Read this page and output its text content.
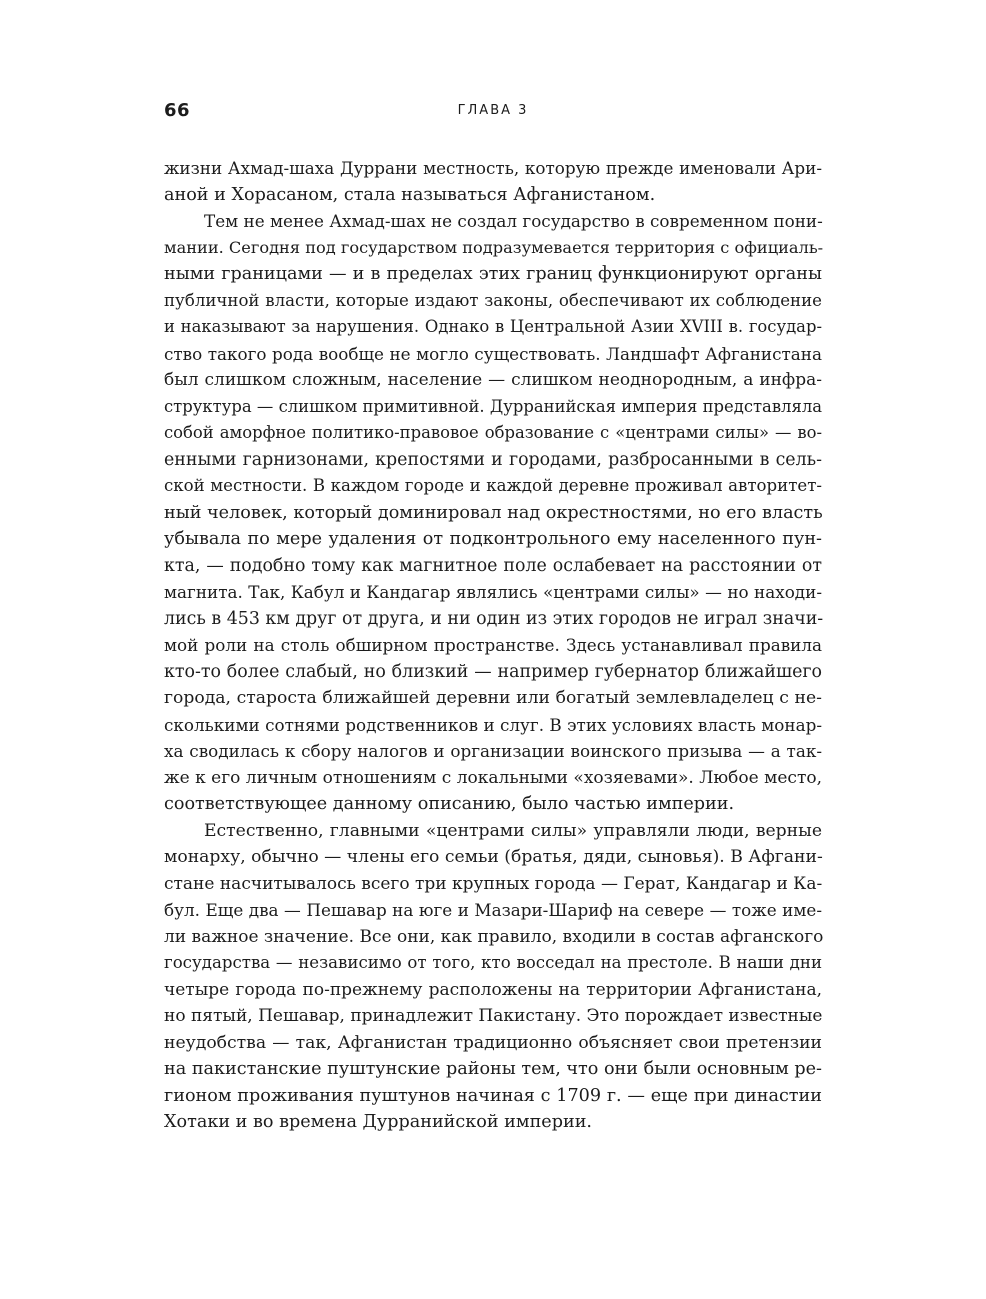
66	ГЛАВА 3
жизни Ахмад-шаха Дуррани местность, которую прежде именовали Ари-
аной и Хорасаном, стала называться Афганистаном.
Тем не менее Ахмад-шах не создал государство в современном пони-
мании. Сегодня под государством подразумевается территория с официаль-
ными границами — и в пределах этих границ функционируют органы
публичной власти, которые издают законы, обеспечивают их соблюдение
и наказывают за нарушения. Однако в Центральной Азии XVIII в. государ-
ство такого рода вообще не могло существовать. Ландшафт Афганистана
был слишком сложным, население — слишком неоднородным, а инфра-
структура — слишком примитивной. Дурранийская империя представляла
собой аморфное политико-правовое образование с «центрами силы» — во-
енными гарнизонами, крепостями и городами, разбросанными в сель-
ской местности. В каждом городе и каждой деревне проживал авторитет-
ный человек, который доминировал над окрестностями, но его власть
убывала по мере удаления от подконтрольного ему населенного пун-
кта, — подобно тому как магнитное поле ослабевает на расстоянии от
магнита. Так, Кабул и Кандагар являлись «центрами силы» — но находи-
лись в 453 км друг от друга, и ни один из этих городов не играл значи-
мой роли на столь обширном пространстве. Здесь устанавливал правила
кто-то более слабый, но близкий — например губернатор ближайшего
города, староста ближайшей деревни или богатый землевладелец с не-
сколькими сотнями родственников и слуг. В этих условиях власть монар-
ха сводилась к сбору налогов и организации воинского призыва — а так-
же к его личным отношениям с локальными «хозяевами». Любое место,
соответствующее данному описанию, было частью империи.
Естественно, главными «центрами силы» управляли люди, верные
монарху, обычно — члены его семьи (братья, дяди, сыновья). В Афгани-
стане насчитывалось всего три крупных города — Герат, Кандагар и Ка-
бул. Еще два — Пешавар на юге и Мазари-Шариф на севере — тоже име-
ли важное значение. Все они, как правило, входили в состав афганского
государства — независимо от того, кто восседал на престоле. В наши дни
четыре города по-прежнему расположены на территории Афганистана,
но пятый, Пешавар, принадлежит Пакистану. Это порождает известные
неудобства — так, Афганистан традиционно объясняет свои претензии
на пакистанские пуштунские районы тем, что они были основным ре-
гионом проживания пуштунов начиная с 1709 г. — еще при династии
Хотаки и во времена Дурранийской империи.
